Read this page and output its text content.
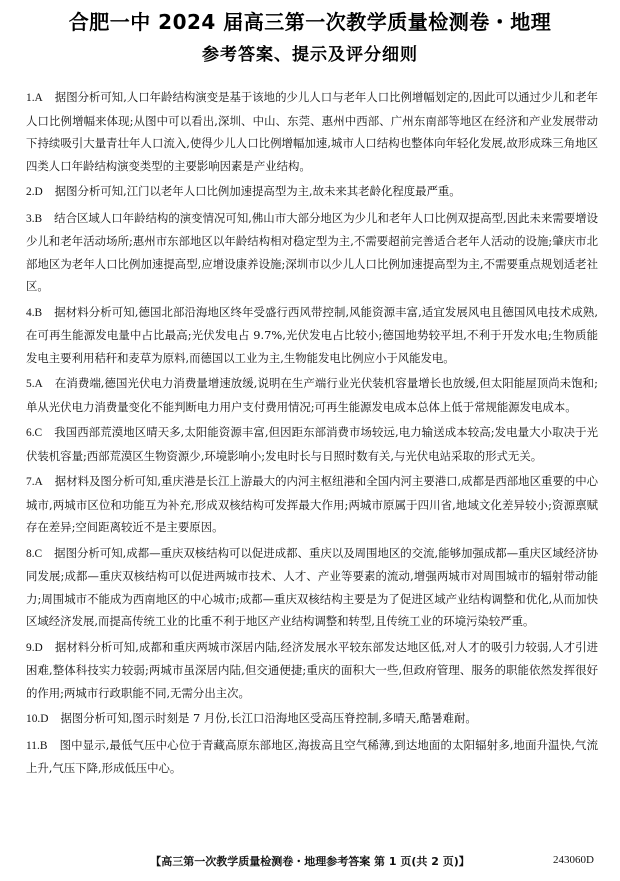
合肥一中 2024 届高三第一次教学质量检测卷・地理
参考答案、提示及评分细则
1.A 据图分析可知,人口年龄结构演变是基于该地的少儿人口与老年人口比例增幅划定的,因此可以通过少儿和老年人口比例增幅来体现;从图中可以看出,深圳、中山、东莞、惠州中西部、广州东南部等地区在经济和产业发展带动下持续吸引大量青壮年人口流入,使得少儿人口比例增幅加速,城市人口结构也整体向年轻化发展,故形成珠三角地区四类人口年龄结构演变类型的主要影响因素是产业结构。
2.D 据图分析可知,江门以老年人口比例加速提高型为主,故未来其老龄化程度最严重。
3.B 结合区域人口年龄结构的演变情况可知,佛山市大部分地区为少儿和老年人口比例双提高型,因此未来需要增设少儿和老年活动场所;惠州市东部地区以年龄结构相对稳定型为主,不需要超前完善适合老年人活动的设施;肇庆市北部地区为老年人口比例加速提高型,应增设康养设施;深圳市以少儿人口比例加速提高型为主,不需要重点规划适老社区。
4.B 据材料分析可知,德国北部沿海地区终年受盛行西风带控制,风能资源丰富,适宜发展风电且德国风电技术成熟,在可再生能源发电量中占比最高;光伏发电占 9.7%,光伏发电占比较小;德国地势较平坦,不利于开发水电;生物质能发电主要利用秸秆和麦草为原料,而德国以工业为主,生物能发电比例应小于风能发电。
5.A 在消费端,德国光伏电力消费量增速放缓,说明在生产端行业光伏装机容量增长也放缓,但太阳能屋顶尚未饱和;单从光伏电力消费量变化不能判断电力用户支付费用情况;可再生能源发电成本总体上低于常规能源发电成本。
6.C 我国西部荒漠地区晴天多,太阳能资源丰富,但因距东部消费市场较远,电力输送成本较高;发电量大小取决于光伏装机容量;西部荒漠区生物资源少,环境影响小;发电时长与日照时数有关,与光伏电站采取的形式无关。
7.A 据材料及图分析可知,重庆港是长江上游最大的内河主枢纽港和全国内河主要港口,成都是西部地区重要的中心城市,两城市区位和功能互为补充,形成双核结构可发挥最大作用;两城市原属于四川省,地域文化差异较小;资源禀赋存在差异;空间距离较近不是主要原因。
8.C 据图分析可知,成都—重庆双核结构可以促进成都、重庆以及周围地区的交流,能够加强成都—重庆区域经济协同发展;成都—重庆双核结构可以促进两城市技术、人才、产业等要素的流动,增强两城市对周围城市的辐射带动能力;周围城市不能成为西南地区的中心城市;成都—重庆双核结构主要是为了促进区域产业结构调整和优化,从而加快区域经济发展,而提高传统工业的比重不利于地区产业结构调整和转型,且传统工业的环境污染较严重。
9.D 据材料分析可知,成都和重庆两城市深居内陆,经济发展水平较东部发达地区低,对人才的吸引力较弱,人才引进困难,整体科技实力较弱;两城市虽深居内陆,但交通便捷;重庆的面积大一些,但政府管理、服务的职能依然发挥很好的作用;两城市行政职能不同,无需分出主次。
10.D 据图分析可知,图示时刻是 7 月份,长江口沿海地区受高压脊控制,多晴天,酷暑难耐。
11.B 图中显示,最低气压中心位于青藏高原东部地区,海拔高且空气稀薄,到达地面的太阳辐射多,地面升温快,气流上升,气压下降,形成低压中心。
【高三第一次教学质量检测卷・地理参考答案 第 1 页(共 2 页)】	243060D
